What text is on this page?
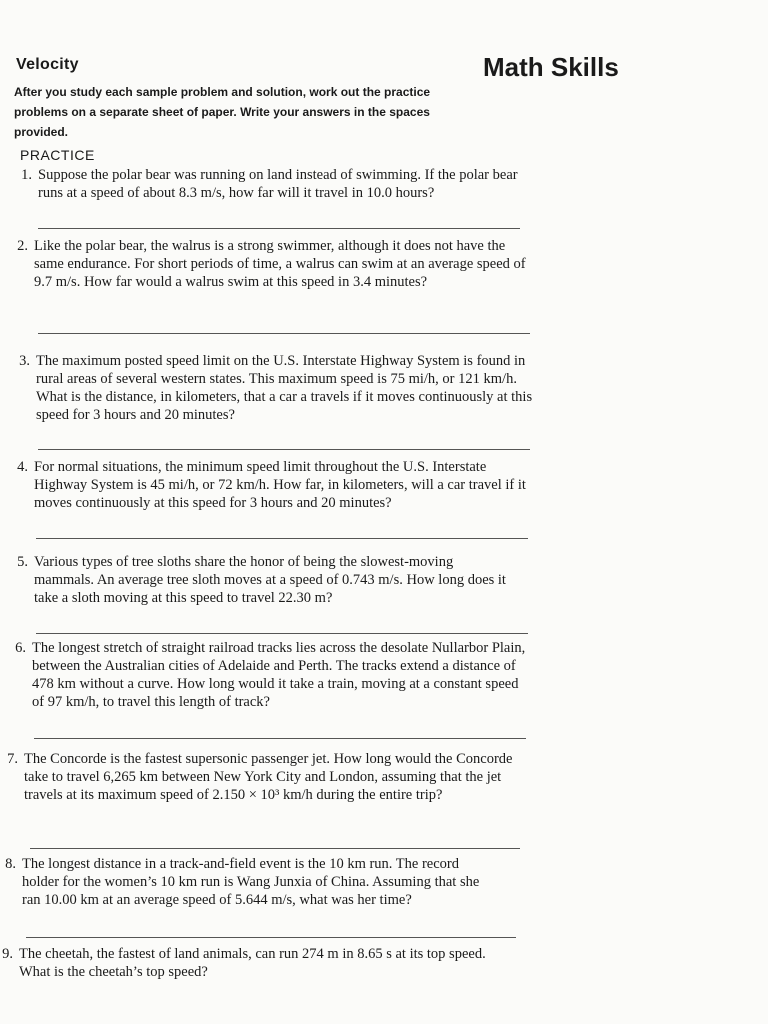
Velocity	Math Skills
After you study each sample problem and solution, work out the practice problems on a separate sheet of paper. Write your answers in the spaces provided.
PRACTICE
1. Suppose the polar bear was running on land instead of swimming. If the polar bear runs at a speed of about 8.3 m/s, how far will it travel in 10.0 hours?
2. Like the polar bear, the walrus is a strong swimmer, although it does not have the same endurance. For short periods of time, a walrus can swim at an average speed of 9.7 m/s. How far would a walrus swim at this speed in 3.4 minutes?
3. The maximum posted speed limit on the U.S. Interstate Highway System is found in rural areas of several western states. This maximum speed is 75 mi/h, or 121 km/h. What is the distance, in kilometers, that a car a travels if it moves continuously at this speed for 3 hours and 20 minutes?
4. For normal situations, the minimum speed limit throughout the U.S. Interstate Highway System is 45 mi/h, or 72 km/h. How far, in kilometers, will a car travel if it moves continuously at this speed for 3 hours and 20 minutes?
5. Various types of tree sloths share the honor of being the slowest-moving mammals. An average tree sloth moves at a speed of 0.743 m/s. How long does it take a sloth moving at this speed to travel 22.30 m?
6. The longest stretch of straight railroad tracks lies across the desolate Nullarbor Plain, between the Australian cities of Adelaide and Perth. The tracks extend a distance of 478 km without a curve. How long would it take a train, moving at a constant speed of 97 km/h, to travel this length of track?
7. The Concorde is the fastest supersonic passenger jet. How long would the Concorde take to travel 6,265 km between New York City and London, assuming that the jet travels at its maximum speed of 2.150 × 10³ km/h during the entire trip?
8. The longest distance in a track-and-field event is the 10 km run. The record holder for the women’s 10 km run is Wang Junxia of China. Assuming that she ran 10.00 km at an average speed of 5.644 m/s, what was her time?
9. The cheetah, the fastest of land animals, can run 274 m in 8.65 s at its top speed. What is the cheetah’s top speed?
